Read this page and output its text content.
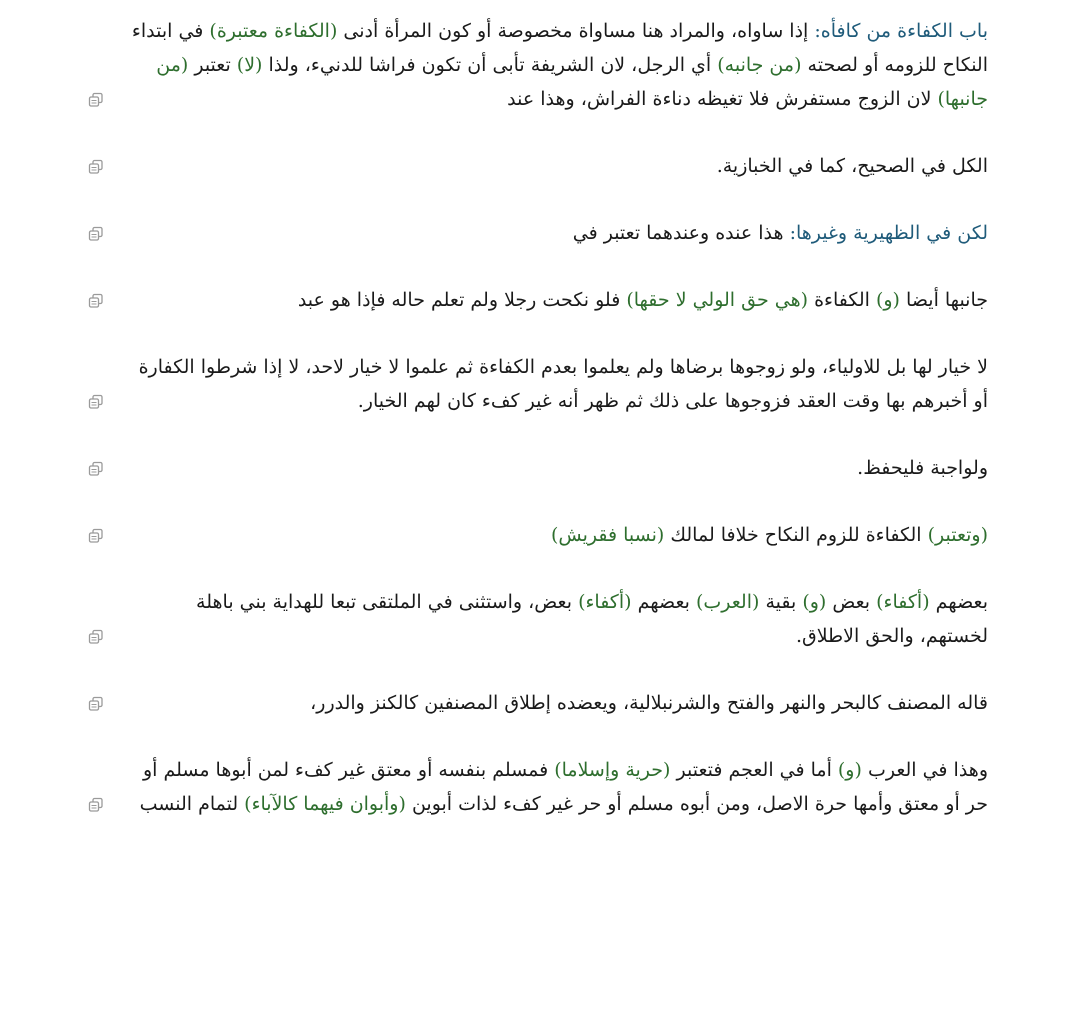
باب الكفاءة من كافأه: إذا ساواه، والمراد هنا مساواة مخصوصة أو كون المرأة أدنى (الكفاءة معتبرة) في ابتداء النكاح للزومه أو لصحته (من جانبه) أي الرجل، لان الشريفة تأبى أن تكون فراشا للدنيء، ولذا (لا) تعتبر (من جانبها) لان الزوج مستفرش فلا تغيظه دناءة الفراش، وهذا عند
الكل في الصحيح، كما في الخبازية.
لكن في الظهيرية وغيرها: هذا عنده وعندهما تعتبر في
جانبها أيضا (و) الكفاءة (هي حق الولي لا حقها) فلو نكحت رجلا ولم تعلم حاله فإذا هو عبد
لا خيار لها بل للاولياء، ولو زوجوها برضاها ولم يعلموا بعدم الكفاءة ثم علموا لا خيار لاحد، لا إذا شرطوا الكفارة أو أخبرهم بها وقت العقد فزوجوها على ذلك ثم ظهر أنه غير كفء كان لهم الخيار.
ولواجبة فليحفظ.
(وتعتبر) الكفاءة للزوم النكاح خلافا لمالك (نسبا فقريش)
بعضهم (أكفاء) بعض (و) بقية (العرب) بعضهم (أكفاء) بعض، واستثنى في الملتقى تبعا للهداية بني باهلة لخستهم، والحق الاطلاق.
قاله المصنف كالبحر والنهر والفتح والشرنبلالية، ويعضده إطلاق المصنفين كالكنز والدرر،
وهذا في العرب (و) أما في العجم فتعتبر (حرية وإسلاما) فمسلم بنفسه أو معتق غير كفء لمن أبوها مسلم أو حر أو معتق وأمها حرة الاصل، ومن أبوه مسلم أو حر غير كفء لذات أبوين (وأبوان فيهما كالآباء) لتمام النسب
